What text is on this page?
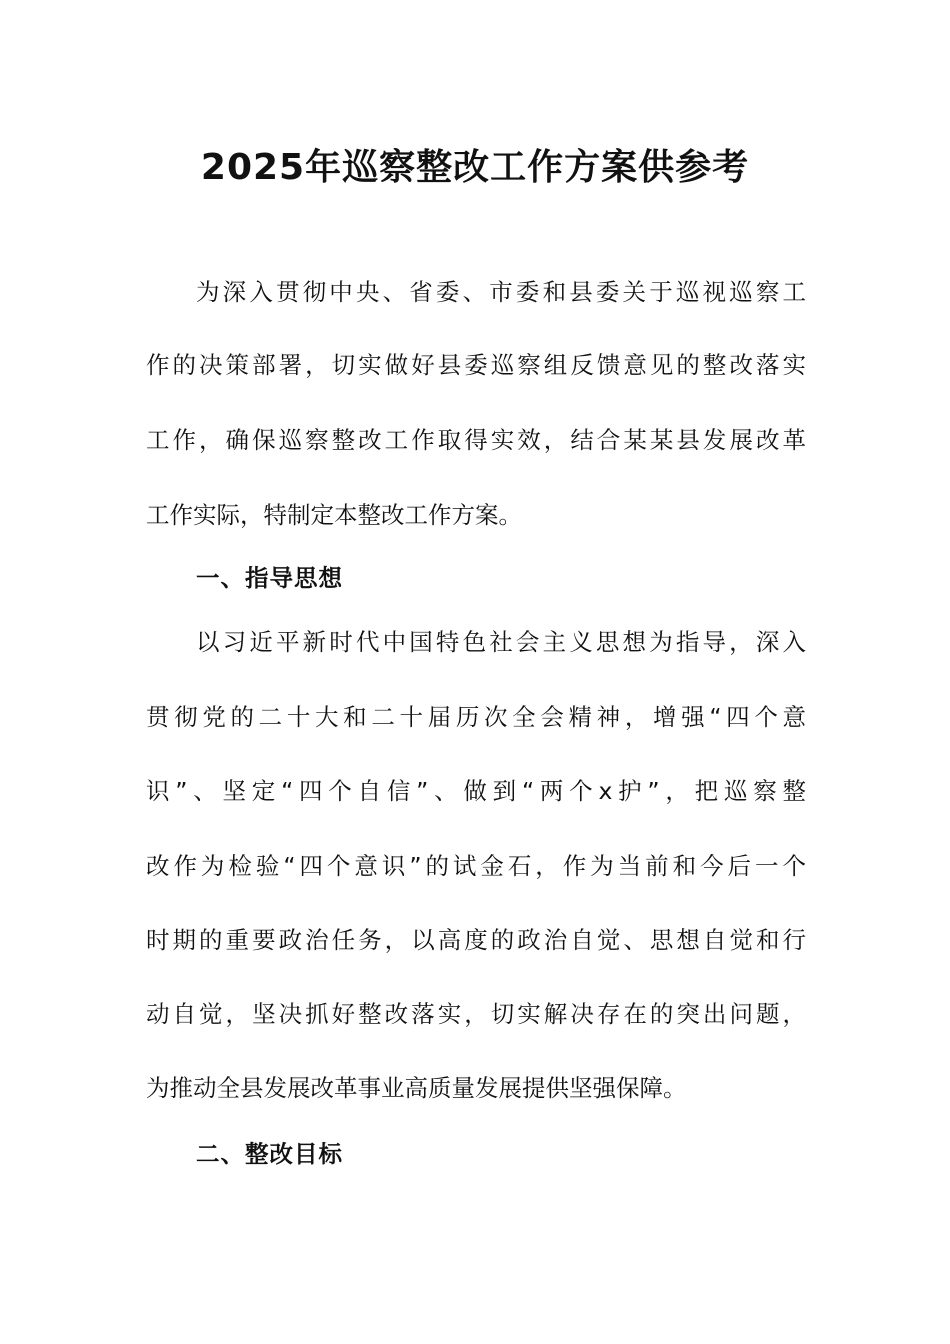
2025年巡察整改工作方案供参考
为深入贯彻中央、省委、市委和县委关于巡视巡察工
作的决策部署，切实做好县委巡察组反馈意见的整改落实
工作，确保巡察整改工作取得实效，结合某某县发展改革
工作实际，特制定本整改工作方案。
一、指导思想
以习近平新时代中国特色社会主义思想为指导，深入
贯彻党的二十大和二十届历次全会精神，增强“四个意
识”、坚定“四个自信”、做到“两个x护”，把巡察整
改作为检验“四个意识”的试金石，作为当前和今后一个
时期的重要政治任务，以高度的政治自觉、思想自觉和行
动自觉，坚决抓好整改落实，切实解决存在的突出问题，
为推动全县发展改革事业高质量发展提供坚强保障。
二、整改目标
